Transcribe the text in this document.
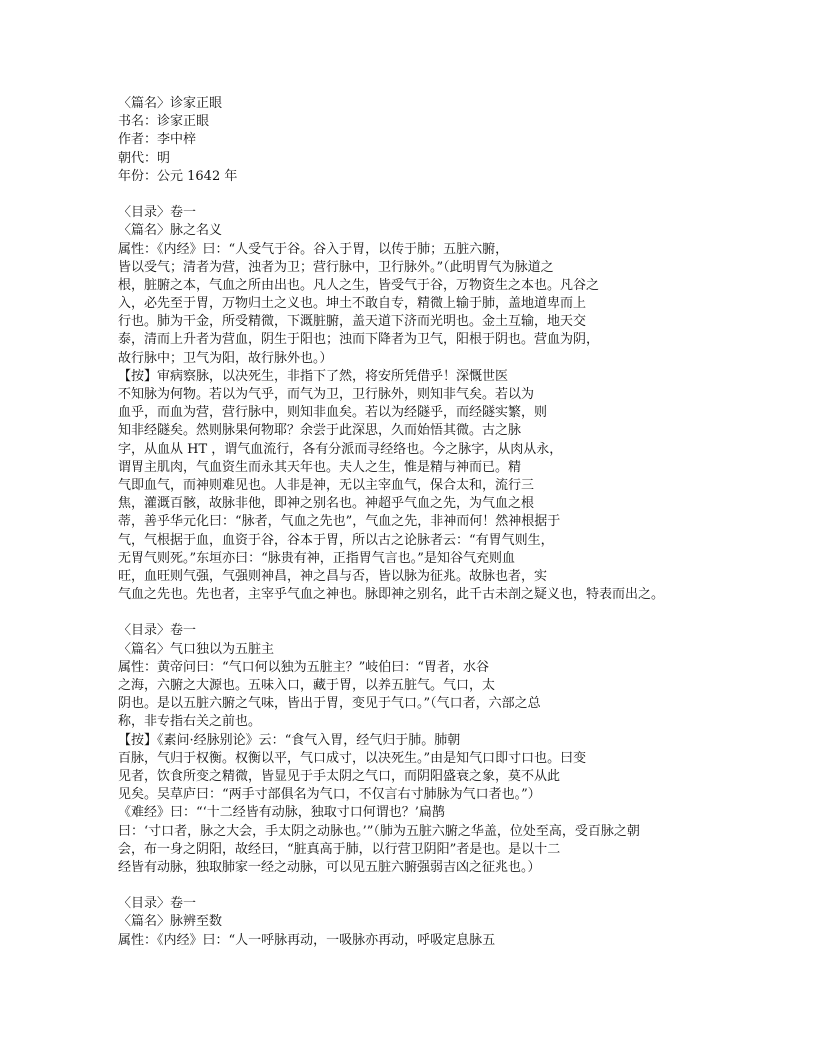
〈篇名〉诊家正眼
书名：诊家正眼
作者：李中梓
朝代：明
年份：公元 1642 年
〈目录〉卷一
〈篇名〉脉之名义
属性：《内经》曰：“人受气于谷。谷入于胃，以传于肺；五脏六腑，
皆以受气；清者为营，浊者为卫；营行脉中，卫行脉外。”（此明胃气为脉道之
根，脏腑之本，气血之所由出也。凡人之生，皆受气于谷，万物资生之本也。凡谷之
入，必先至于胃，万物归土之义也。坤土不敢自专，精微上输于肺，盖地道卑而上
行也。肺为干金，所受精微，下溉脏腑，盖天道下济而光明也。金土互输，地天交
泰，清而上升者为营血，阴生于阳也；浊而下降者为卫气，阳根于阴也。营血为阴，
故行脉中；卫气为阳，故行脉外也。）
【按】审病察脉，以决死生，非指下了然，将安所凭借乎！深慨世医
不知脉为何物。若以为气乎，而气为卫，卫行脉外，则知非气矣。若以为
血乎，而血为营，营行脉中，则知非血矣。若以为经隧乎，而经隧实繁，则
知非经隧矣。然则脉果何物耶？余尝于此深思，久而始悟其微。古之脉
字，从血从 HT ，谓气血流行，各有分派而寻经络也。今之脉字，从肉从永，
谓胃主肌肉，气血资生而永其天年也。夫人之生，惟是精与神而已。精
气即血气，而神则难见也。人非是神，无以主宰血气，保合太和，流行三
焦，灌溉百骸，故脉非他，即神之别名也。神超乎气血之先，为气血之根
蒂，善乎华元化曰：“脉者，气血之先也”，气血之先，非神而何！然神根据于
气，气根据于血，血资于谷，谷本于胃，所以古之论脉者云：“有胃气则生，
无胃气则死。”东垣亦曰：“脉贵有神，正指胃气言也。”是知谷气充则血
旺，血旺则气强，气强则神昌，神之昌与否，皆以脉为征兆。故脉也者，实
气血之先也。先也者，主宰乎气血之神也。脉即神之别名，此千古未剖之疑义也，特表而出之。
〈目录〉卷一
〈篇名〉气口独以为五脏主
属性：黄帝问曰：“气口何以独为五脏主？”岐伯曰：“胃者，水谷
之海，六腑之大源也。五味入口，藏于胃，以养五脏气。气口，太
阴也。是以五脏六腑之气味，皆出于胃，变见于气口。”（气口者，六部之总
称，非专指右关之前也。
【按】《素问·经脉别论》云：“食气入胃，经气归于肺。肺朝
百脉，气归于权衡。权衡以平，气口成寸，以决死生。”由是知气口即寸口也。曰变
见者，饮食所变之精微，皆显见于手太阴之气口，而阴阳盛衰之象，莫不从此
见矣。吴草庐曰：“两手寸部俱名为气口，不仅言右寸肺脉为气口者也。”）
《难经》曰：“‘十二经皆有动脉，独取寸口何谓也？’扁鹊
曰：‘寸口者，脉之大会，手太阴之动脉也。’”（肺为五脏六腑之华盖，位处至高，受百脉之朝
会，布一身之阴阳，故经曰，“脏真高于肺，以行营卫阴阳”者是也。是以十二
经皆有动脉，独取肺家一经之动脉，可以见五脏六腑强弱吉凶之征兆也。）
〈目录〉卷一
〈篇名〉脉辨至数
属性：《内经》曰：“人一呼脉再动，一吸脉亦再动，呼吸定息脉五
